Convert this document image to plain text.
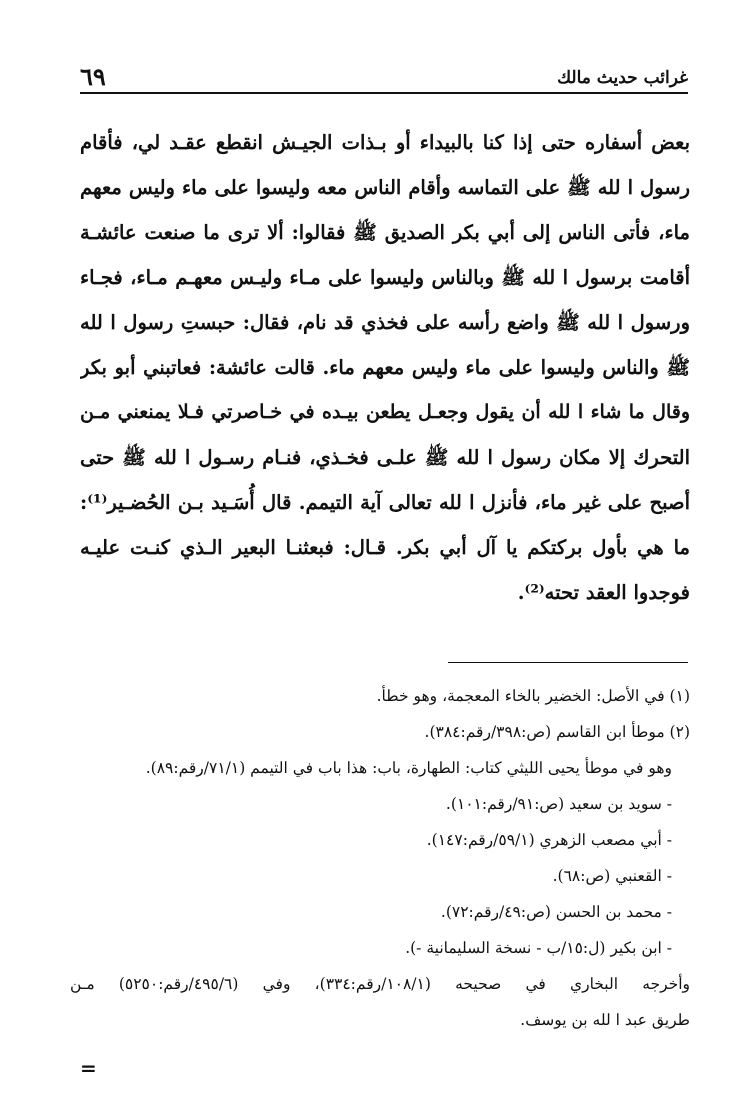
٦٩	غرائب حديث مالك
بعض أسفاره حتى إذا كنا بالبيداء أو بـذات الجيـش انقطع عقـد لي، فأقام
رسول ا لله ﷺ على التماسه وأقام الناس معه وليسوا على ماء وليس معهم
ماء، فأتى الناس إلى أبي بكر الصديق ﷺ فقالوا: ألا ترى ما صنعت عائشـة
أقامت برسول ا لله ﷺ وبالناس وليسوا على مـاء وليـس معهـم مـاء، فجـاء
ورسول ا لله ﷺ واضع رأسه على فخذي قد نام، فقال: حبستِ رسول ا لله
ﷺ والناس وليسوا على ماء وليس معهم ماء. قالت عائشة: فعاتبني أبو بكر
وقال ما شاء ا لله أن يقول وجعـل يطعن بيـده في خـاصرتي فـلا يمنعني مـن
التحرك إلا مكان رسول ا لله ﷺ علـى فخـذي، فنـام رسـول ا لله ﷺ حتى
أصبح على غير ماء، فأنزل ا لله تعالى آية التيمم. قال أُسَـيد بـن الحُضـير⁽¹⁾:
ما هي بأول بركتكم يا آل أبي بكر. قـال: فبعثنـا البعير الـذي كنـت عليـه
فوجدوا العقد تحته⁽²⁾.
(١) في الأصل: الخضير بالخاء المعجمة، وهو خطأ.
(٢) موطأ ابن القاسم (ص:٣٩٨/رقم:٣٨٤).
وهو في موطأ يحيى الليثي كتاب: الطهارة، باب: هذا باب في التيمم (٧١/١/رقم:٨٩).
- سويد بن سعيد (ص:٩١/رقم:١٠١).
- أبي مصعب الزهري (٥٩/١/رقم:١٤٧).
- القعنبي (ص:٦٨).
- محمد بن الحسن (ص:٤٩/رقم:٧٢).
- ابن بكير (ل:١٥/ب - نسخة السليمانية -).
وأخرجه البخاري في صحيحه (١٠٨/١/رقم:٣٣٤)، وفي (٤٩٥/٦/رقم:٥٢٥٠) مـن
طريق عبد ا لله بن يوسف.
=
